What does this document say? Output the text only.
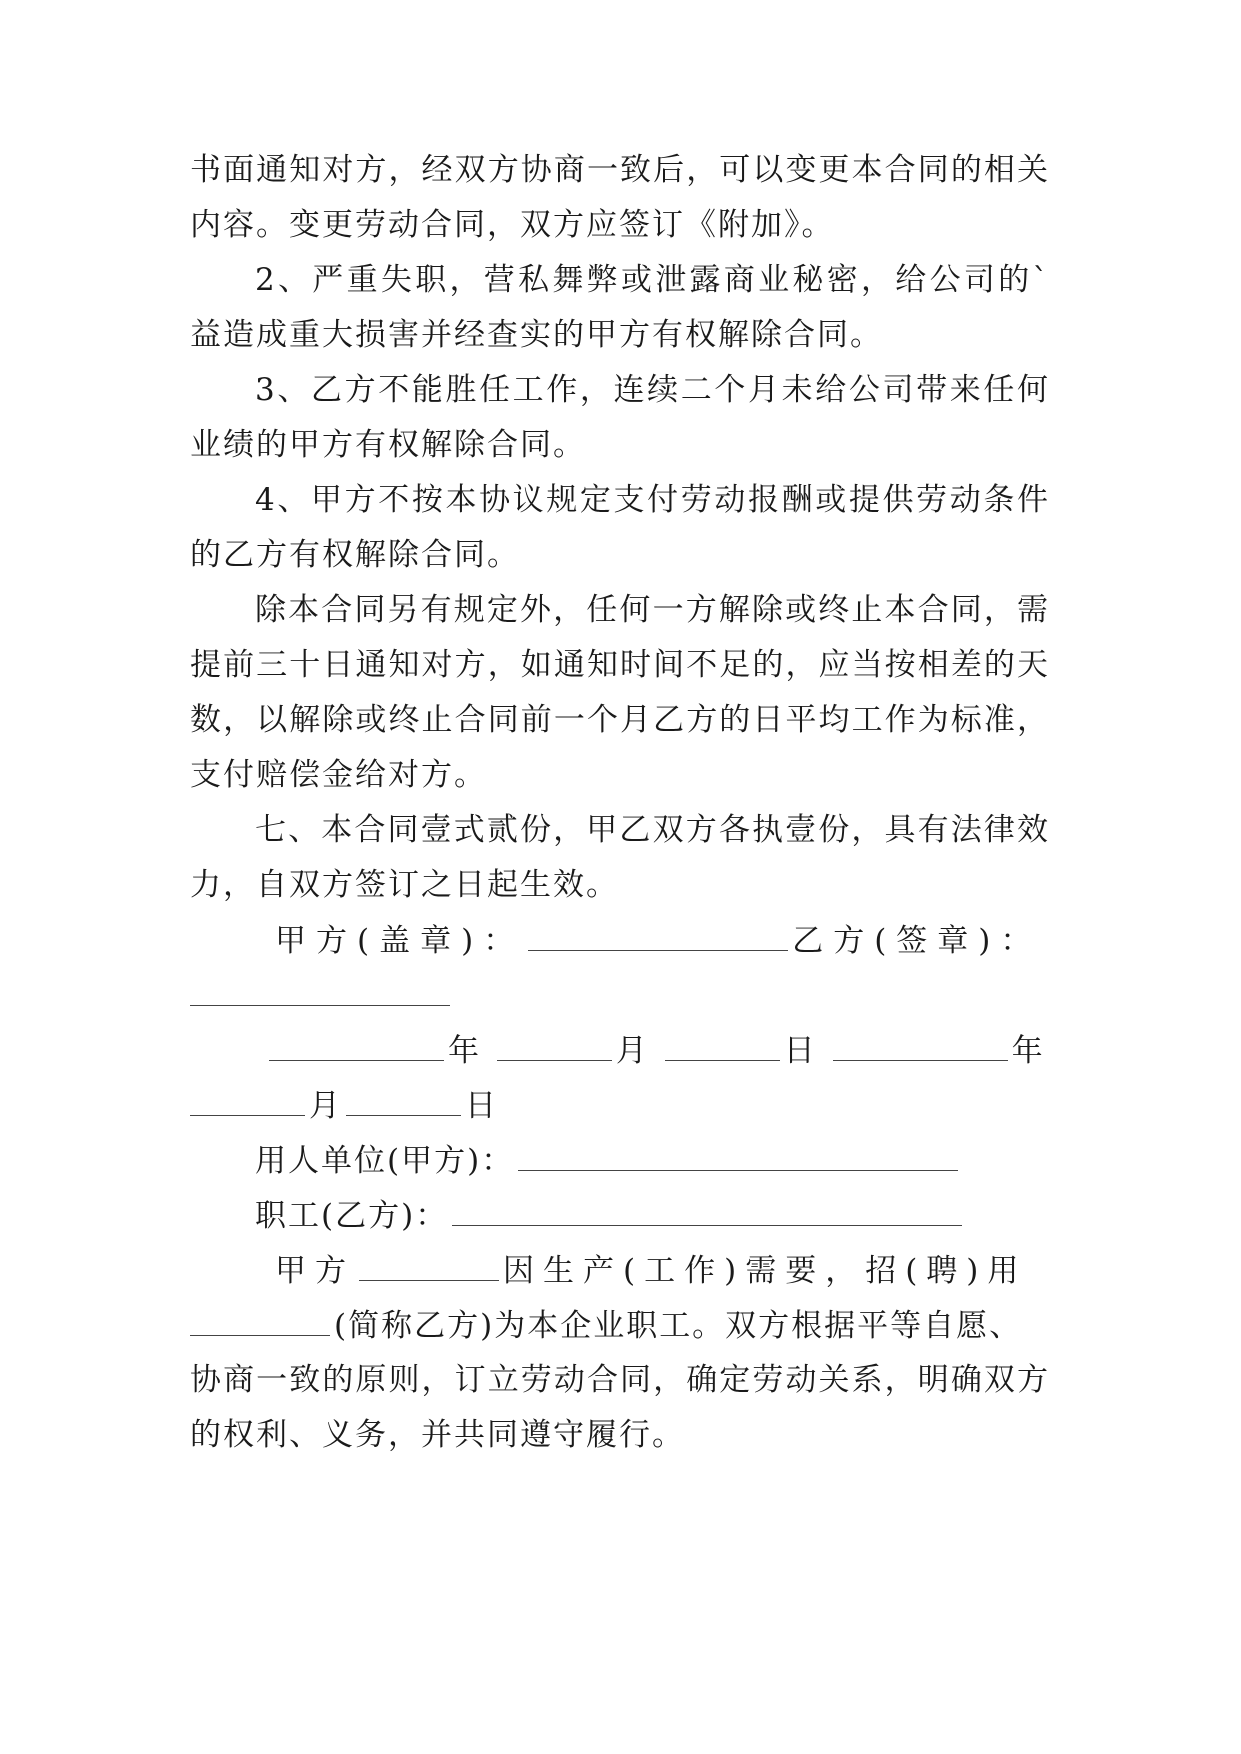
书面通知对方，经双方协商一致后，可以变更本合同的相关
内容。变更劳动合同，双方应签订《附加》。
2、严重失职，营私舞弊或泄露商业秘密，给公司的`
益造成重大损害并经查实的甲方有权解除合同。
3、乙方不能胜任工作，连续二个月未给公司带来任何
业绩的甲方有权解除合同。
4、甲方不按本协议规定支付劳动报酬或提供劳动条件
的乙方有权解除合同。
除本合同另有规定外，任何一方解除或终止本合同，需
提前三十日通知对方，如通知时间不足的，应当按相差的天
数，以解除或终止合同前一个月乙方的日平均工作为标准，
支付赔偿金给对方。
七、本合同壹式贰份，甲乙双方各执壹份，具有法律效
力，自双方签订之日起生效。
甲方(盖章)：	乙方(签章)：
年	月	日	年
月	日
用人单位(甲方)：
职工(乙方)：
甲方	因生产(工作)需要，招(聘)用
(简称乙方)为本企业职工。双方根据平等自愿、
协商一致的原则，订立劳动合同，确定劳动关系，明确双方
的权利、义务，并共同遵守履行。
